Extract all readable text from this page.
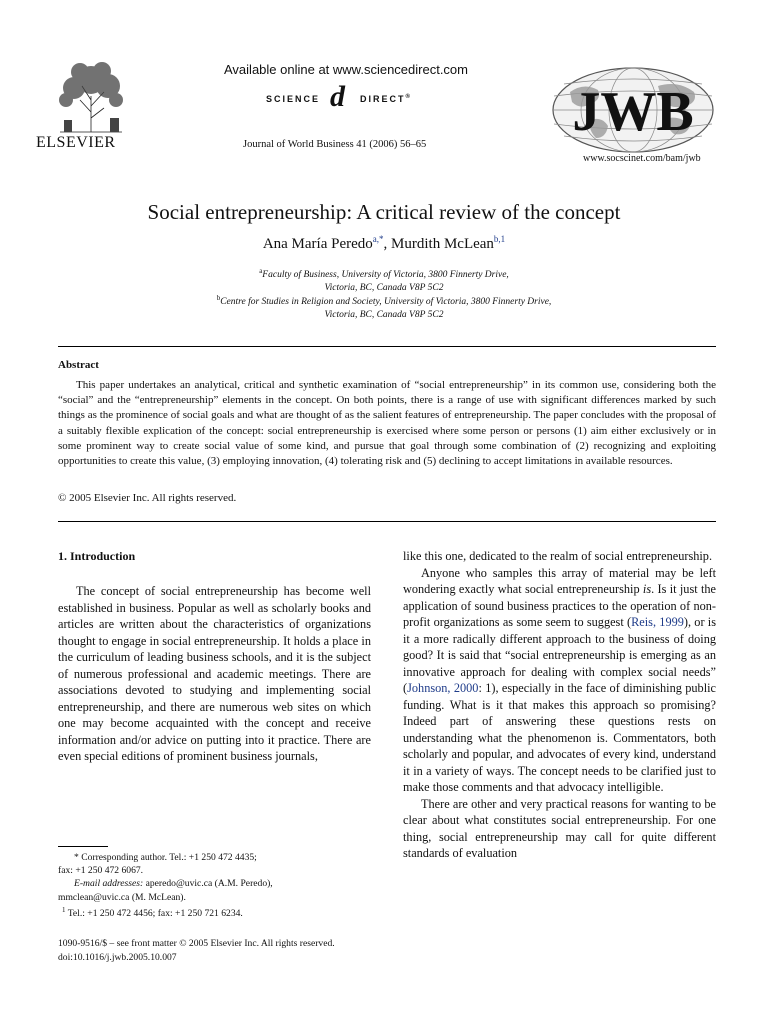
ELSEVIER
Available online at www.sciencedirect.com
SCIENCE d DIRECT®
Journal of World Business 41 (2006) 56–65
JWB
www.socscinet.com/bam/jwb
Social entrepreneurship: A critical review of the concept
Ana María Peredo$^{a,*}$, Murdith McLean$^{b,1}$
$^a$Faculty of Business, University of Victoria, 3800 Finnerty Drive,
Victoria, BC, Canada V8P 5C2
$^b$Centre for Studies in Religion and Society, University of Victoria, 3800 Finnerty Drive,
Victoria, BC, Canada V8P 5C2
Abstract

This paper undertakes an analytical, critical and synthetic examination of “social entrepreneurship” in its common use, considering both the “social” and the “entrepreneurship” elements in the concept. On both points, there is a range of use with significant differences marked by such things as the prominence of social goals and what are thought of as the salient features of entrepreneurship. The paper concludes with the proposal of a suitably flexible explication of the concept: social entrepreneurship is exercised where some person or persons (1) aim either exclusively or in some prominent way to create social value of some kind, and pursue that goal through some combination of (2) recognizing and exploiting opportunities to create this value, (3) employing innovation, (4) tolerating risk and (5) declining to accept limitations in available resources.

© 2005 Elsevier Inc. All rights reserved.
1. Introduction

The concept of social entrepreneurship has become well established in business. Popular as well as scholarly books and articles are written about the characteristics of organizations thought to engage in social entrepreneurship. It holds a place in the curriculum of leading business schools, and it is the subject of numerous professional and academic meetings. There are associations devoted to studying and implementing social entrepreneurship, and there are numerous web sites on which one may become acquainted with the concept and receive information and/or advice on putting into it practice. There are even special editions of prominent business journals,

like this one, dedicated to the realm of social entrepreneurship.

Anyone who samples this array of material may be left wondering exactly what social entrepreneurship is. Is it just the application of sound business practices to the operation of non-profit organizations as some seem to suggest (Reis, 1999), or is it a more radically different approach to the business of doing good? It is said that “social entrepreneurship is emerging as an innovative approach for dealing with complex social needs” (Johnson, 2000: 1), especially in the face of diminishing public funding. What is it that makes this approach so promising? Indeed part of answering these questions rests on understanding what the phenomenon is. Commentators, both scholarly and popular, and advocates of every kind, understand it in a variety of ways. The concept needs to be clarified just to make those comments and that advocacy intelligible.

There are other and very practical reasons for wanting to be clear about what constitutes social entrepreneurship. For one thing, social entrepreneurship may call for quite different standards of evaluation

* Corresponding author. Tel.: +1 250 472 4435;

fax: +1 250 472 6067.

E-mail addresses: aperedo@uvic.ca (A.M. Peredo),

mmclean@uvic.ca (M. McLean).

$^1$ Tel.: +1 250 472 4456; fax: +1 250 721 6234.

1090-9516/$ – see front matter © 2005 Elsevier Inc. All rights reserved.

doi:10.1016/j.jwb.2005.10.007
